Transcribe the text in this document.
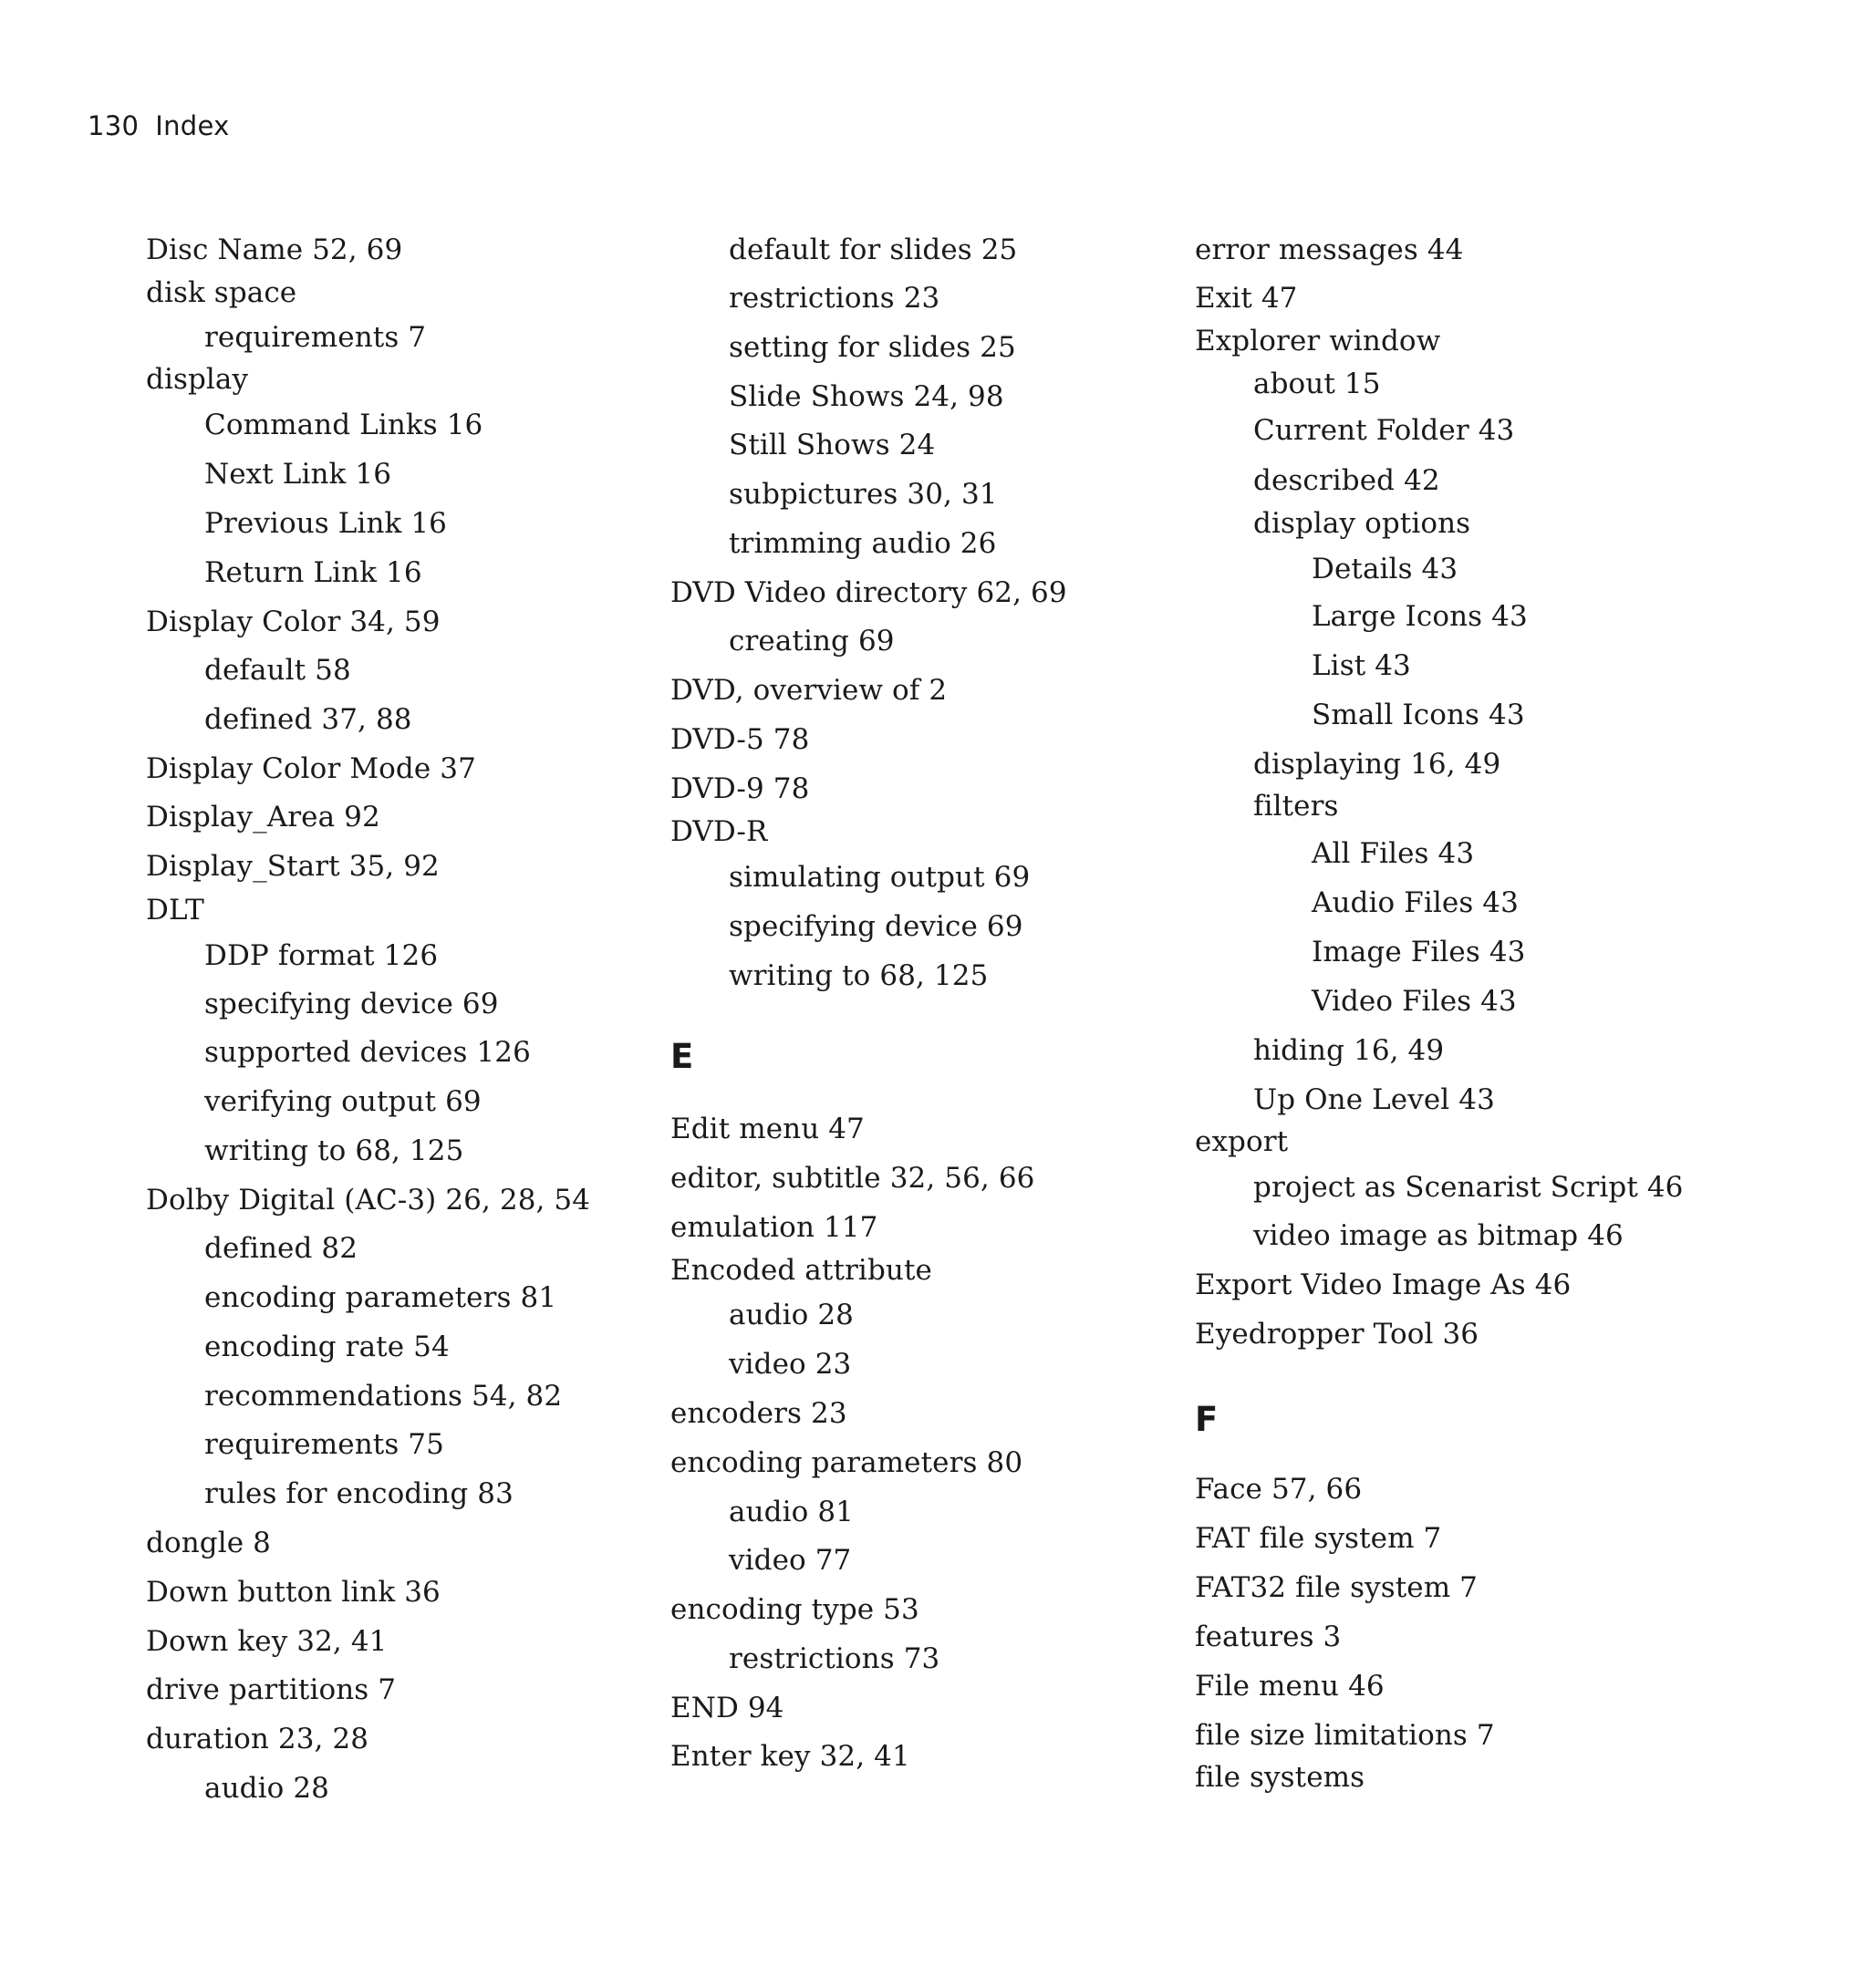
130 Index
Disc Name 52, 69
disk space
requirements 7
display
Command Links 16
Next Link 16
Previous Link 16
Return Link 16
Display Color 34, 59
default 58
defined 37, 88
Display Color Mode 37
Display_Area 92
Display_Start 35, 92
DLT
DDP format 126
specifying device 69
supported devices 126
verifying output 69
writing to 68, 125
Dolby Digital (AC-3) 26, 28, 54
defined 82
encoding parameters 81
encoding rate 54
recommendations 54, 82
requirements 75
rules for encoding 83
dongle 8
Down button link 36
Down key 32, 41
drive partitions 7
duration 23, 28
audio 28
default for slides 25
restrictions 23
setting for slides 25
Slide Shows 24, 98
Still Shows 24
subpictures 30, 31
trimming audio 26
DVD Video directory 62, 69
creating 69
DVD, overview of 2
DVD-5 78
DVD-9 78
DVD-R
simulating output 69
specifying device 69
writing to 68, 125
E
Edit menu 47
editor, subtitle 32, 56, 66
emulation 117
Encoded attribute
audio 28
video 23
encoders 23
encoding parameters 80
audio 81
video 77
encoding type 53
restrictions 73
END 94
Enter key 32, 41
error messages 44
Exit 47
Explorer window
about 15
Current Folder 43
described 42
display options
Details 43
Large Icons 43
List 43
Small Icons 43
displaying 16, 49
filters
All Files 43
Audio Files 43
Image Files 43
Video Files 43
hiding 16, 49
Up One Level 43
export
project as Scenarist Script 46
video image as bitmap 46
Export Video Image As 46
Eyedropper Tool 36
F
Face 57, 66
FAT file system 7
FAT32 file system 7
features 3
File menu 46
file size limitations 7
file systems
